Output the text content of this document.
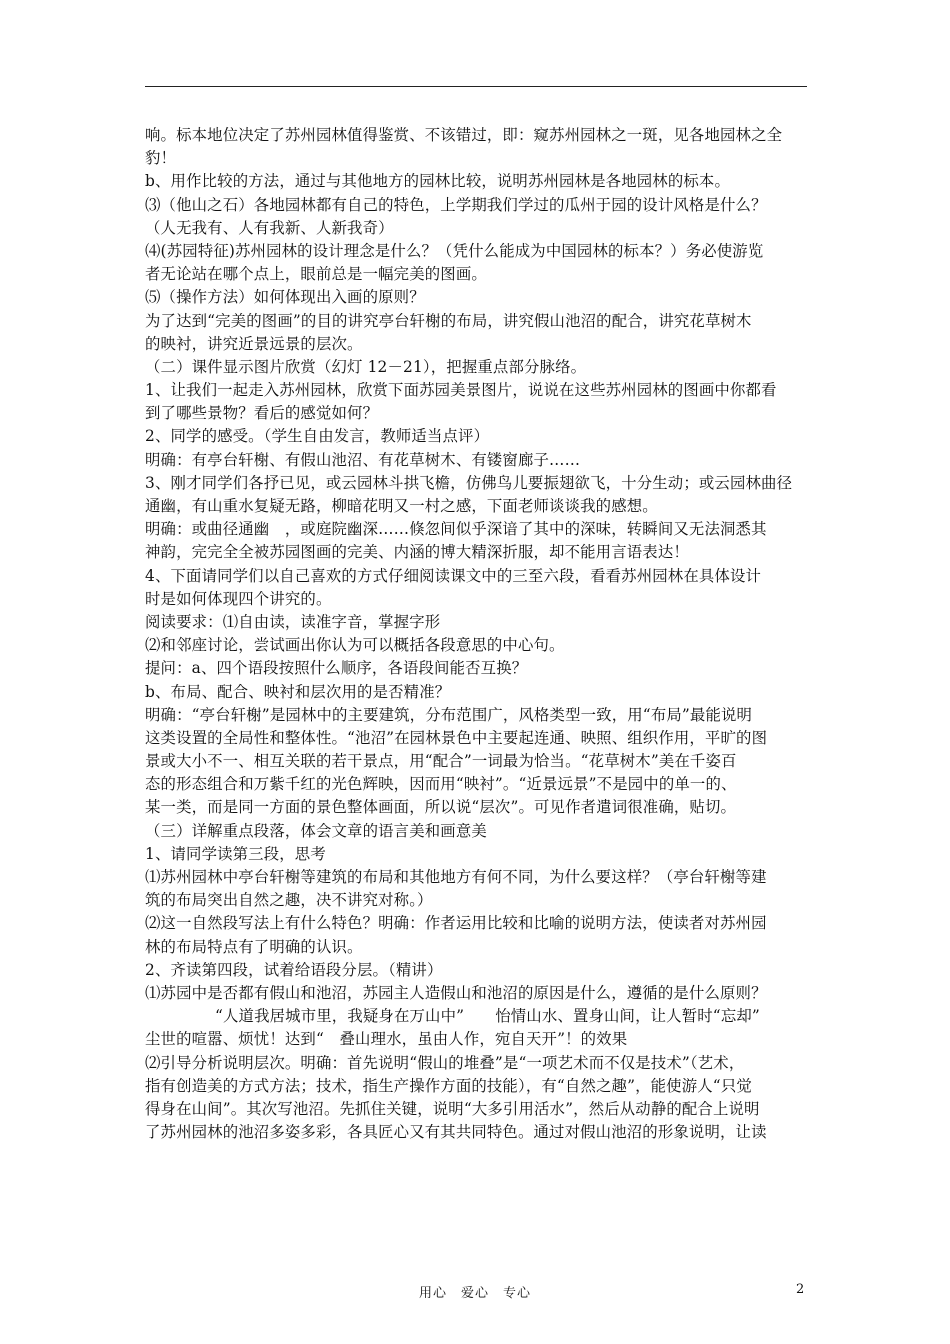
响。标本地位决定了苏州园林值得鉴赏、不该错过，即：窥苏州园林之一斑，见各地园林之全
豹！
b、用作比较的方法，通过与其他地方的园林比较，说明苏州园林是各地园林的标本。
⑶（他山之石）各地园林都有自己的特色，上学期我们学过的瓜州于园的设计风格是什么？
（人无我有、人有我新、人新我奇）
⑷(苏园特征)苏州园林的设计理念是什么？（凭什么能成为中国园林的标本？）务必使游览
者无论站在哪个点上，眼前总是一幅完美的图画。
⑸（操作方法）如何体现出入画的原则？
为了达到“完美的图画”的目的讲究亭台轩榭的布局，讲究假山池沼的配合，讲究花草树木
的映衬，讲究近景远景的层次。
（二）课件显示图片欣赏（幻灯 12－21），把握重点部分脉络。
1、让我们一起走入苏州园林，欣赏下面苏园美景图片，说说在这些苏州园林的图画中你都看
到了哪些景物？看后的感觉如何？
2、同学的感受。（学生自由发言，教师适当点评）
明确：有亭台轩榭、有假山池沼、有花草树木、有镂窗廊子……
3、刚才同学们各抒已见，或云园林斗拱飞檐，仿佛鸟儿要振翅欲飞，十分生动；或云园林曲径
通幽，有山重水复疑无路，柳暗花明又一村之感，下面老师谈谈我的感想。
明确：或曲径通幽　，或庭院幽深……倏忽间似乎深谙了其中的深味，转瞬间又无法洞悉其
神韵，完完全全被苏园图画的完美、内涵的博大精深折服，却不能用言语表达！
4、下面请同学们以自己喜欢的方式仔细阅读课文中的三至六段，看看苏州园林在具体设计
时是如何体现四个讲究的。
阅读要求：⑴自由读，读准字音，掌握字形
⑵和邻座讨论，尝试画出你认为可以概括各段意思的中心句。
提问：a、四个语段按照什么顺序，各语段间能否互换？
b、布局、配合、映衬和层次用的是否精准？
明确：“亭台轩榭”是园林中的主要建筑，分布范围广，风格类型一致，用“布局”最能说明
这类设置的全局性和整体性。“池沼”在园林景色中主要起连通、映照、组织作用，平旷的图
景或大小不一、相互关联的若干景点，用“配合”一词最为恰当。“花草树木”美在千姿百
态的形态组合和万紫千红的光色辉映，因而用“映衬”。“近景远景”不是园中的单一的、
某一类，而是同一方面的景色整体画面，所以说“层次”。可见作者遣词很准确，贴切。
（三）详解重点段落，体会文章的语言美和画意美
1、请同学读第三段，思考
⑴苏州园林中亭台轩榭等建筑的布局和其他地方有何不同，为什么要这样？（亭台轩榭等建
筑的布局突出自然之趣，决不讲究对称。）
⑵这一自然段写法上有什么特色？明确：作者运用比较和比喻的说明方法，使读者对苏州园
林的布局特点有了明确的认识。
2、齐读第四段，试着给语段分层。（精讲）
⑴苏园中是否都有假山和池沼，苏园主人造假山和池沼的原因是什么，遵循的是什么原则？
“人道我居城市里，我疑身在万山中”　　怡情山水、置身山间，让人暂时“忘却”
尘世的喧嚣、烦忧！达到“　叠山理水，虽由人作，宛自天开”！的效果
⑵引导分析说明层次。明确：首先说明“假山的堆叠”是“一项艺术而不仅是技术”（艺术，
指有创造美的方式方法；技术，指生产操作方面的技能），有“自然之趣”，能使游人“只觉
得身在山间”。其次写池沼。先抓住关键，说明“大多引用活水”，然后从动静的配合上说明
了苏州园林的池沼多姿多彩，各具匠心又有其共同特色。通过对假山池沼的形象说明，让读
用心　爱心　专心	2
